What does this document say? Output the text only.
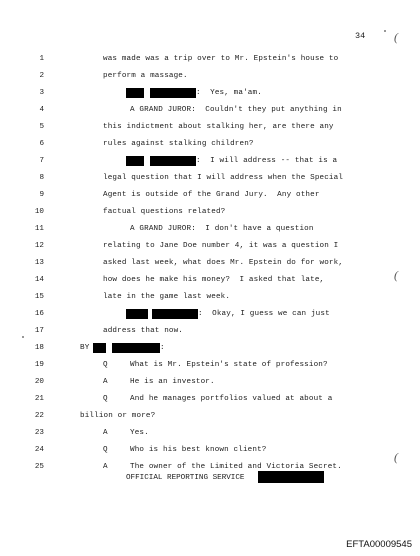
34 (
(
(
1
2
3
4
5
6
7
8
9
10
11
12
13
14
15
16
17
18
19
20
21
22
23
24
25
was made was a trip over to Mr. Epstein's house to
perform a massage.
:  Yes, ma'am.
A GRAND JUROR:  Couldn't they put anything in
this indictment about stalking her, are there any
rules against stalking children?
:  I will address -- that is a
legal question that I will address when the Special
Agent is outside of the Grand Jury.  Any other
factual questions related?
A GRAND JUROR:  I don't have a question
relating to Jane Doe number 4, it was a question I
asked last week, what does Mr. Epstein do for work,
how does he make his money?  I asked that late,
late in the game last week.
:  Okay, I guess we can just
address that now.
BY	:
Q	What is Mr. Epstein's state of profession?
A	He is an investor.
Q	And he manages portfolios valued at about a
billion or more?
A	Yes.
Q	Who is his best known client?
A	The owner of the Limited and Victoria Secret.
OFFICIAL REPORTING SERVICE
EFTA00009545
